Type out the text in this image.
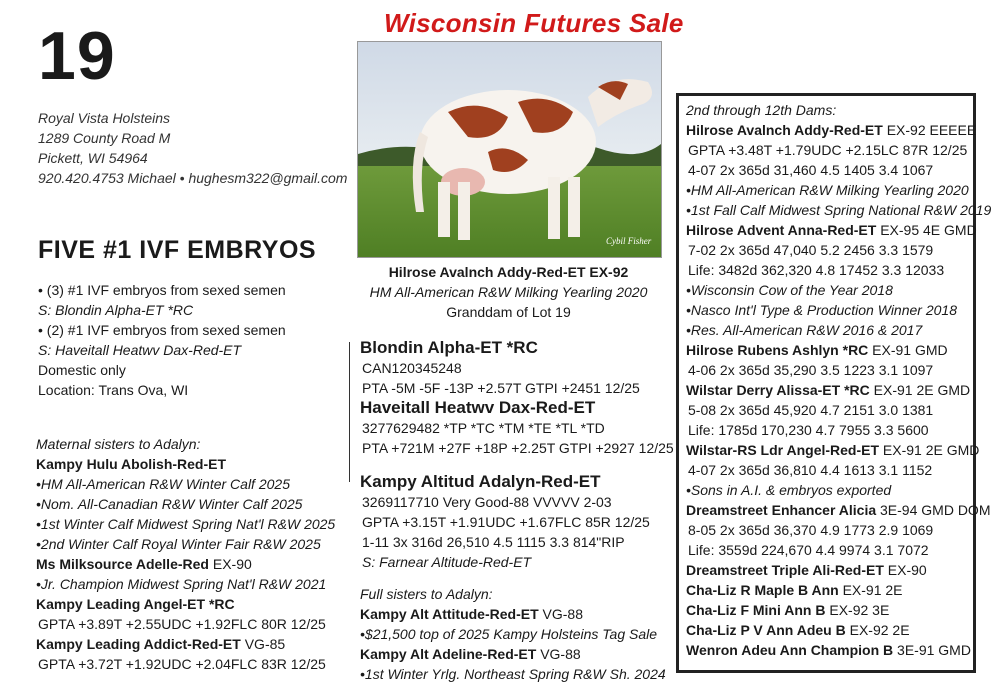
19
Royal Vista Holsteins
1289 County Road M
Pickett, WI 54964
920.420.4753 Michael • hughesm322@gmail.com
FIVE #1 IVF EMBRYOS
• (3) #1 IVF embryos from sexed semen
S: Blondin Alpha-ET *RC
• (2) #1 IVF embryos from sexed semen
S: Haveitall Heatwv Dax-Red-ET
Domestic only
Location: Trans Ova, WI
Maternal sisters to Adalyn:
Kampy Hulu Abolish-Red-ET
•HM All-American R&W Winter Calf 2025
•Nom. All-Canadian R&W Winter Calf 2025
•1st Winter Calf Midwest Spring Nat'l R&W 2025
•2nd Winter Calf Royal Winter Fair R&W 2025
Ms Milksource Adelle-Red EX-90
•Jr. Champion Midwest Spring Nat'l R&W 2021
Kampy Leading Angel-ET *RC
GPTA +3.89T +2.55UDC +1.92FLC 80R 12/25
Kampy Leading Addict-Red-ET VG-85
GPTA +3.72T +1.92UDC +2.04FLC 83R 12/25
Wisconsin Futures Sale
Cybil Fisher
Hilrose Avalnch Addy-Red-ET EX-92
HM All-American R&W Milking Yearling 2020
Granddam of Lot 19
Blondin Alpha-ET *RC
CAN120345248
PTA -5M -5F -13P +2.57T GTPI +2451 12/25
Haveitall Heatwv Dax-Red-ET
3277629482 *TP *TC *TM *TE *TL *TD
PTA +721M +27F +18P +2.25T GTPI +2927 12/25
Kampy Altitud Adalyn-Red-ET
3269117710 Very Good-88 VVVVV 2-03
GPTA +3.15T +1.91UDC +1.67FLC 85R 12/25
1-11 3x 316d 26,510 4.5 1115 3.3 814"RIP
S: Farnear Altitude-Red-ET
Full sisters to Adalyn:
Kampy Alt Attitude-Red-ET VG-88
•$21,500 top of 2025 Kampy Holsteins Tag Sale
Kampy Alt Adeline-Red-ET VG-88
•1st Winter Yrlg. Northeast Spring R&W Sh. 2024
2nd through 12th Dams:
Hilrose Avalnch Addy-Red-ET EX-92 EEEEE
GPTA +3.48T +1.79UDC +2.15LC 87R 12/25
4-07 2x 365d 31,460 4.5 1405 3.4 1067
•HM All-American R&W Milking Yearling 2020
•1st Fall Calf Midwest Spring National R&W 2019
Hilrose Advent Anna-Red-ET EX-95 4E GMD
7-02 2x 365d 47,040 5.2 2456 3.3 1579
Life: 3482d 362,320 4.8 17452 3.3 12033
•Wisconsin Cow of the Year 2018
•Nasco Int'l Type & Production Winner 2018
•Res. All-American R&W 2016 & 2017
Hilrose Rubens Ashlyn *RC EX-91 GMD
4-06 2x 365d 35,290 3.5 1223 3.1 1097
Wilstar Derry Alissa-ET *RC EX-91 2E GMD
5-08 2x 365d 45,920 4.7 2151 3.0 1381
Life: 1785d 170,230 4.7 7955 3.3 5600
Wilstar-RS Ldr Angel-Red-ET EX-91 2E GMD
4-07 2x 365d 36,810 4.4 1613 3.1 1152
•Sons in A.I. & embryos exported
Dreamstreet Enhancer Alicia 3E-94 GMD DOM
8-05 2x 365d 36,370 4.9 1773 2.9 1069
Life: 3559d 224,670 4.4 9974 3.1 7072
Dreamstreet Triple Ali-Red-ET EX-90
Cha-Liz R Maple B Ann EX-91 2E
Cha-Liz F Mini Ann B EX-92 3E
Cha-Liz P V Ann Adeu B EX-92 2E
Wenron Adeu Ann Champion B 3E-91 GMD
